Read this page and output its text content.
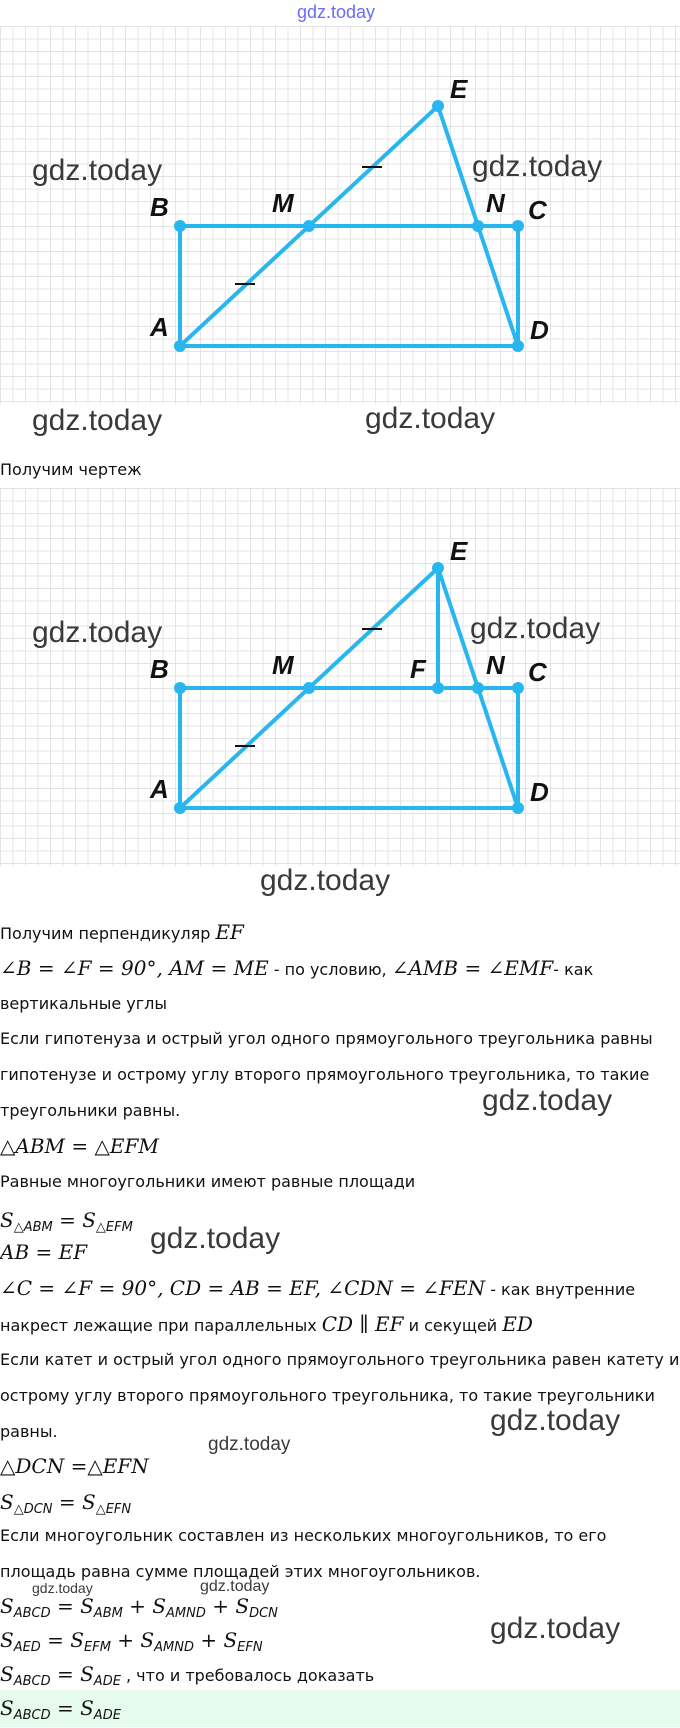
gdz.today
B	M	N C
A	D
E
gdz.today	gdz.today
gdz.today	gdz.today
Получим чертеж
B	M	F N C
A	D
E
gdz.today	gdz.today
gdz.today
Получим перпендикуляр EF
∠B = ∠F = 90°, AM = ME - по условию, ∠AMB = ∠EMF- как
вертикальные углы
Если гипотенуза и острый угол одного прямоугольного треугольника равны
гипотенузе и острому углу второго прямоугольного треугольника, то такие
треугольники равны.	gdz.today
△ABM = △EFM
Равные многоугольники имеют равные площади
$S_{\triangle ABM} = S_{\triangle EFM}$
AB = EF gdz.today
∠C = ∠F = 90°, CD = AB = EF, ∠CDN = ∠FEN - как внутренние
накрест лежащие при параллельных CD ∥ EF и секущей ED
Если катет и острый угол одного прямоугольного треугольника равен катету и
острому углу второго прямоугольного треугольника, то такие треугольники
равны.	gdz.today
gdz.today
△DCN =△EFN
$S_{\triangle DCN} = S_{\triangle EFN}$
Если многоугольник составлен из нескольких многоугольников, то его
площадь равна сумме площадей этих многоугольников.
gdz.today	gdz.today
$S_{ABCD} = S_{ABM} + S_{AMND} + S_{DCN}$
$S_{AED} = S_{EFM} + S_{AMND} + S_{EFN}$
gdz.today
$S_{ABCD} = S_{ADE}$ , что и требовалось доказать
$S_{ABCD} = S_{ADE}$
